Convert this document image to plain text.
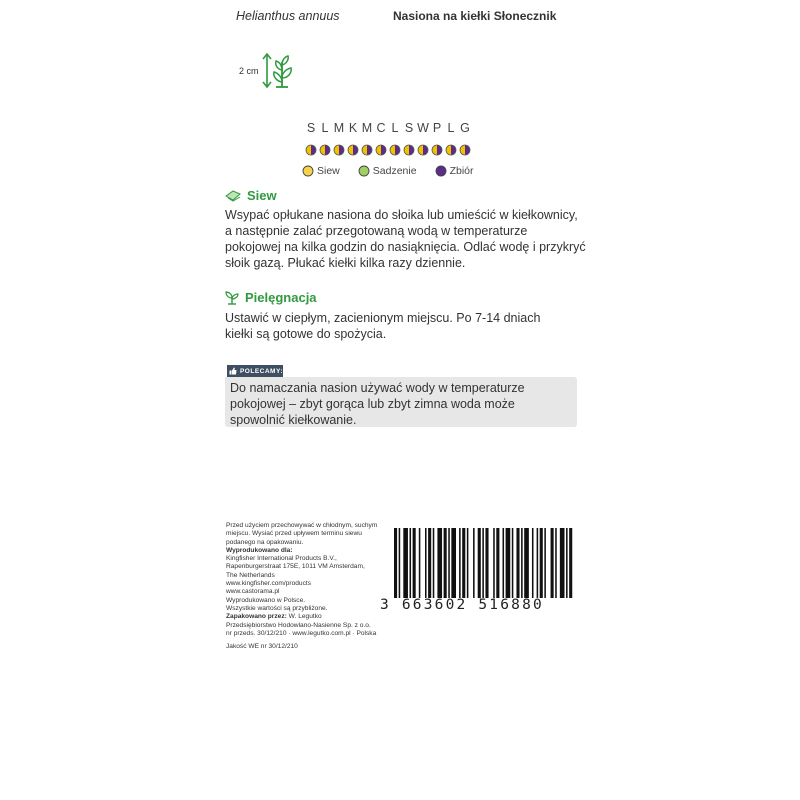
Helianthus annuus	Nasiona na kiełki Słonecznik
2 cm
S L M K M C L S W P L G
Siew	Sadzenie	Zbiór
Siew
Wsypać opłukane nasiona do słoika lub umieścić w kiełkownicy,
a następnie zalać przegotowaną wodą w temperaturze
pokojowej na kilka godzin do nasiąknięcia. Odlać wodę i przykryć
słoik gazą. Płukać kiełki kilka razy dziennie.
Pielęgnacja
Ustawić w ciepłym, zacienionym miejscu. Po 7-14 dniach
kiełki są gotowe do spożycia.
POLECAMY:
Do namaczania nasion używać wody w temperaturze
pokojowej – zbyt gorąca lub zbyt zimna woda może
spowolnić kiełkowanie.

Przed użyciem przechowywać w chłodnym, suchym miejscu. Wysiać przed upływem terminu siewu podanego na opakowaniu.

Wyprodukowano dla:

Kingfisher International Products B.V.,

Rapenburgerstraat 175E, 1011 VM Amsterdam,

The Netherlands

www.kingfisher.com/products

www.castorama.pl

Wyprodukowano w Polsce.

Wszystkie wartości są przybliżone.

Zapakowano przez: W. Legutko

Przedsiębiorstwo Hodowlano-Nasienne Sp. z o.o.

nr przeds. 30/12/210 · www.legutko.com.pl · Polska

Jakość WE nr 30/12/210

3 663602 516880
